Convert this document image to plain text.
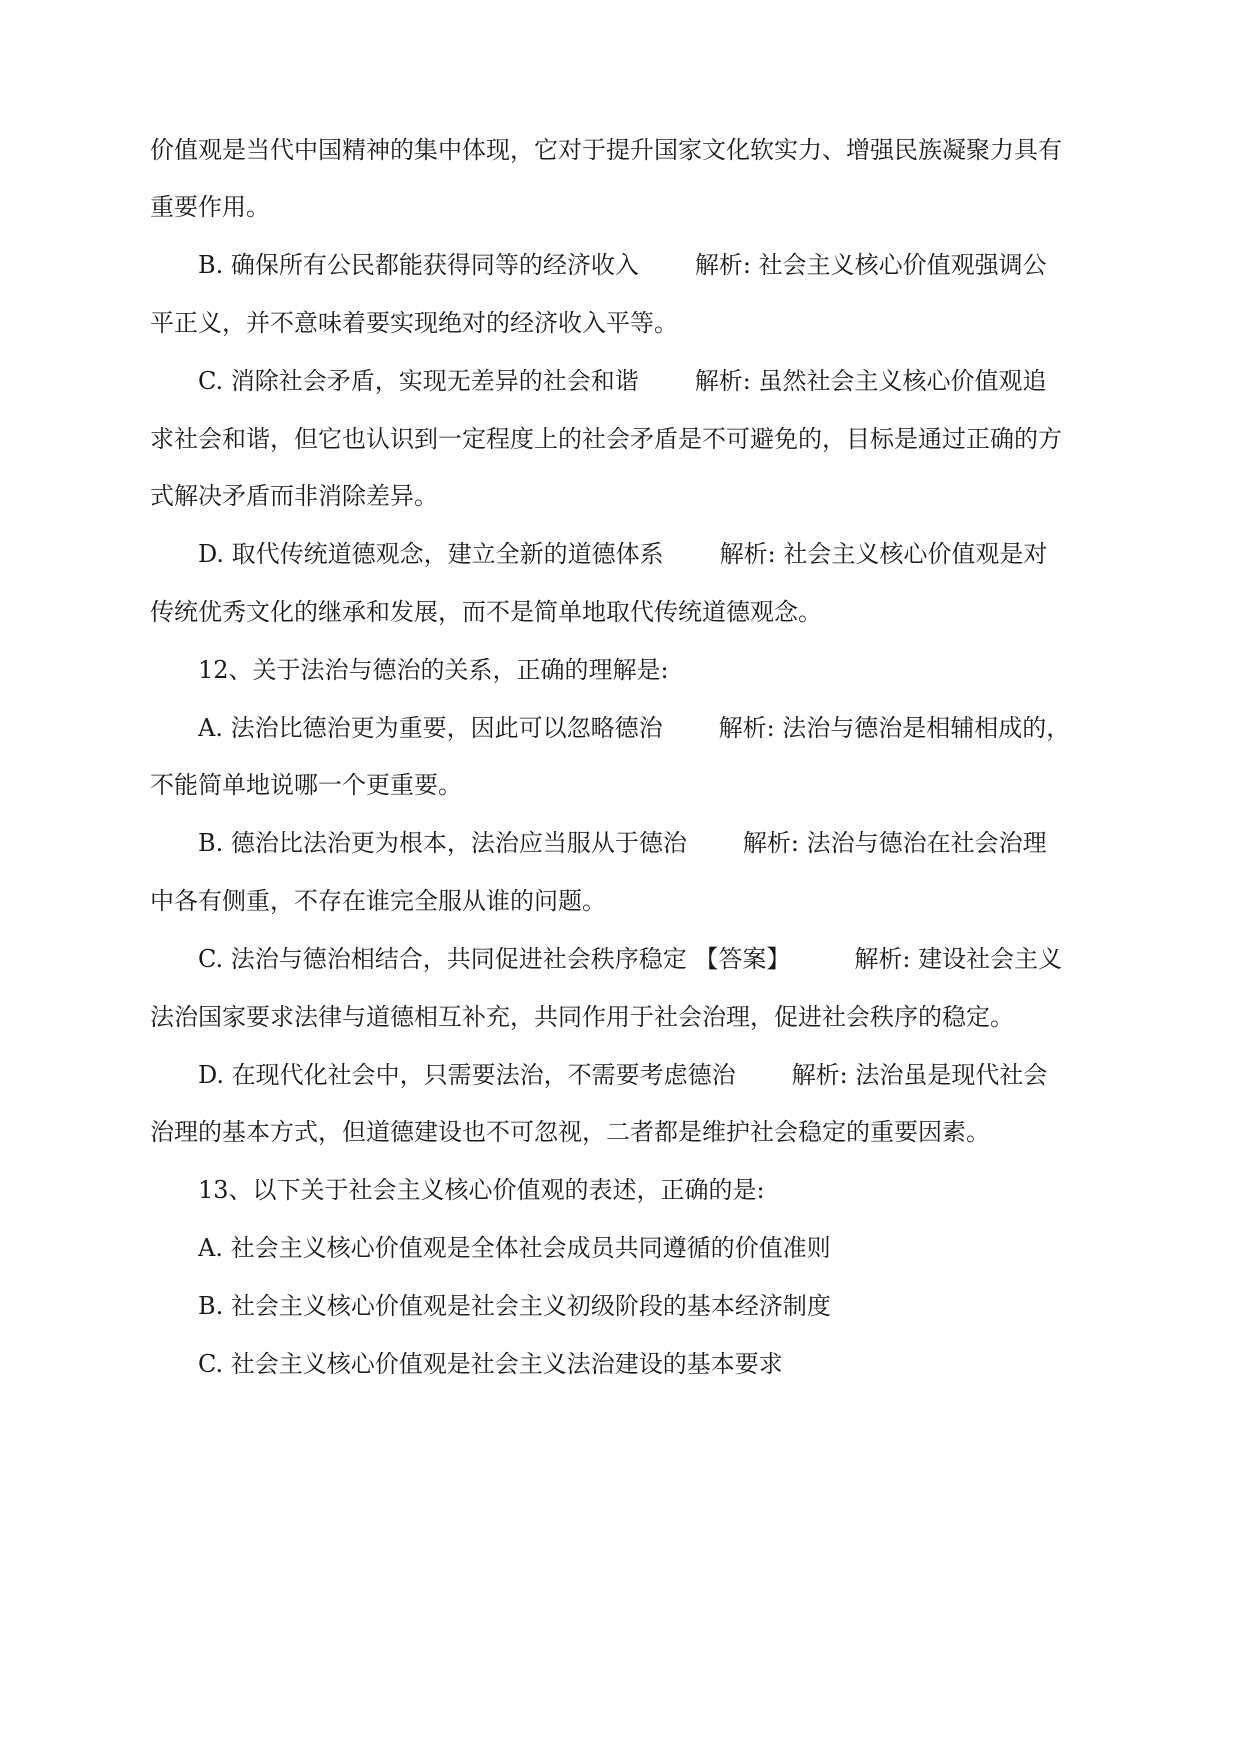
价值观是当代中国精神的集中体现，它对于提升国家文化软实力、增强民族凝聚力具有
重要作用。
B. 确保所有公民都能获得同等的经济收入 解析: 社会主义核心价值观强调公
平正义，并不意味着要实现绝对的经济收入平等。
C. 消除社会矛盾，实现无差异的社会和谐 解析: 虽然社会主义核心价值观追
求社会和谐，但它也认识到一定程度上的社会矛盾是不可避免的，目标是通过正确的方
式解决矛盾而非消除差异。
D. 取代传统道德观念，建立全新的道德体系 解析: 社会主义核心价值观是对
传统优秀文化的继承和发展，而不是简单地取代传统道德观念。
12、关于法治与德治的关系，正确的理解是:
A. 法治比德治更为重要，因此可以忽略德治 解析: 法治与德治是相辅相成的，
不能简单地说哪一个更重要。
B. 德治比法治更为根本，法治应当服从于德治 解析: 法治与德治在社会治理
中各有侧重，不存在谁完全服从谁的问题。
C. 法治与德治相结合，共同促进社会秩序稳定 【答案】	解析: 建设社会主义
法治国家要求法律与道德相互补充，共同作用于社会治理，促进社会秩序的稳定。
D. 在现代化社会中，只需要法治，不需要考虑德治 解析: 法治虽是现代社会
治理的基本方式，但道德建设也不可忽视，二者都是维护社会稳定的重要因素。
13、以下关于社会主义核心价值观的表述，正确的是:
A. 社会主义核心价值观是全体社会成员共同遵循的价值准则
B. 社会主义核心价值观是社会主义初级阶段的基本经济制度
C. 社会主义核心价值观是社会主义法治建设的基本要求
